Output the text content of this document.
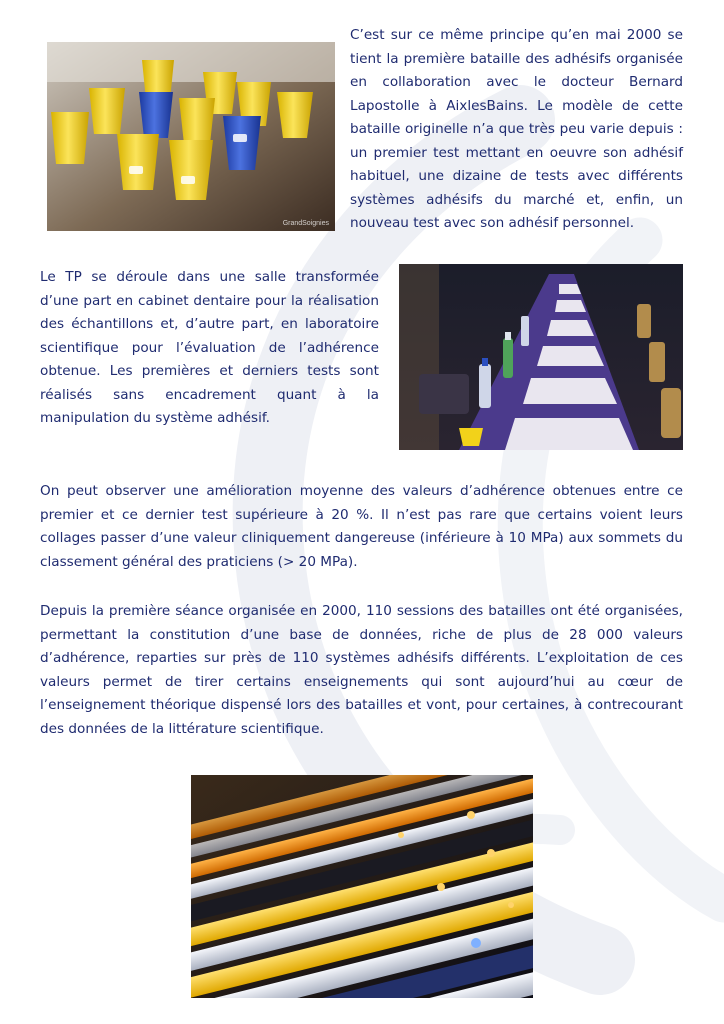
GrandSoignies

C’est sur ce même principe qu’en mai 2000 se tient la première bataille des adhésifs organisée en collaboration avec le docteur Bernard Lapostolle à AixlesBains. Le modèle de cette bataille originelle n’a que très peu varie depuis : un premier test mettant en oeuvre son adhésif habituel, une dizaine de tests avec différents systèmes adhésifs du marché et, enfin, un nouveau test avec son adhésif personnel.

Le TP se déroule dans une salle transformée d’une part en cabinet dentaire pour la réalisation des échantillons et, d’autre part, en laboratoire scientifique pour l’évaluation de l’adhérence obtenue. Les premières et derniers tests sont réalisés sans encadrement quant à la manipulation du système adhésif.

On peut observer une amélioration moyenne des valeurs d’adhérence obtenues entre ce premier et ce dernier test supérieure à 20 %. Il n’est pas rare que certains voient leurs collages passer d’une valeur cliniquement dangereuse (inférieure à 10 MPa) aux sommets du classement général des praticiens (> 20 MPa).

Depuis la première séance organisée en 2000, 110 sessions des batailles ont été organisées, permettant la constitution d’une base de données, riche de plus de 28 000 valeurs d’adhérence, reparties sur près de 110 systèmes adhésifs différents. L’exploitation de ces valeurs permet de tirer certains enseignements qui sont aujourd’hui au cœur de l’enseignement théorique dispensé lors des batailles et vont, pour certaines, à contrecourant des données de la littérature scientifique.
